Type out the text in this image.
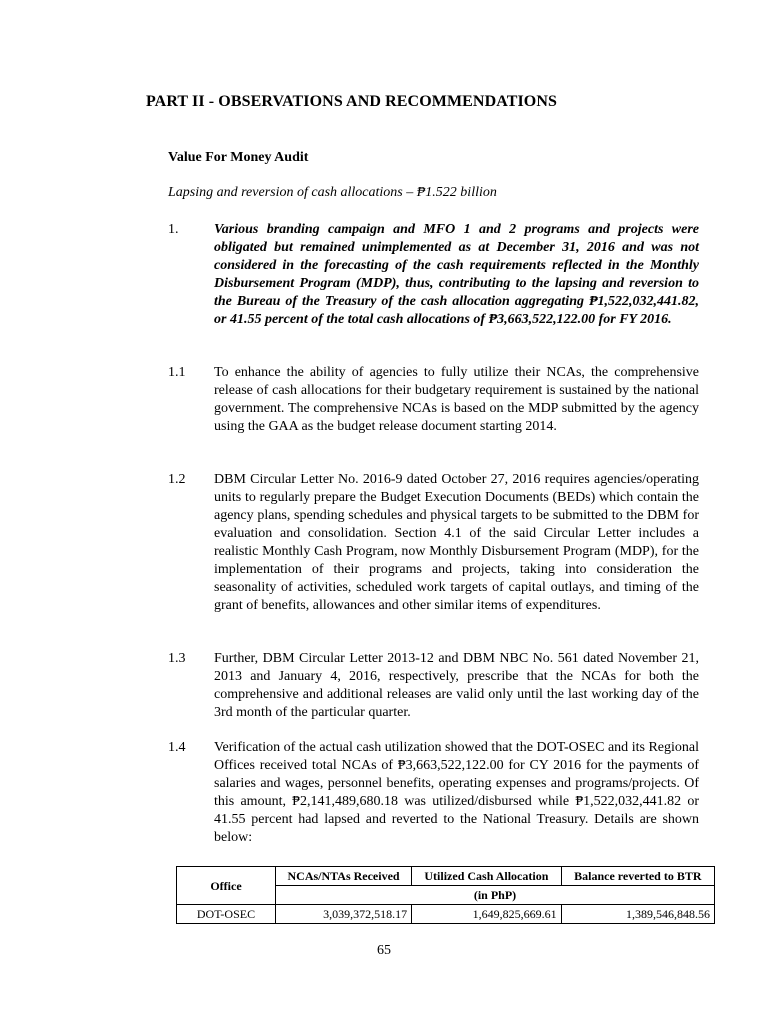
PART II - OBSERVATIONS AND RECOMMENDATIONS
Value For Money Audit
Lapsing and reversion of cash allocations – ₱1.522 billion
1.	Various branding campaign and MFO 1 and 2 programs and projects were obligated but remained unimplemented as at December 31, 2016 and was not considered in the forecasting of the cash requirements reflected in the Monthly Disbursement Program (MDP), thus, contributing to the lapsing and reversion to the Bureau of the Treasury of the cash allocation aggregating ₱1,522,032,441.82, or 41.55 percent of the total cash allocations of ₱3,663,522,122.00 for FY 2016.
1.1 To enhance the ability of agencies to fully utilize their NCAs, the comprehensive release of cash allocations for their budgetary requirement is sustained by the national government. The comprehensive NCAs is based on the MDP submitted by the agency using the GAA as the budget release document starting 2014.
1.2 DBM Circular Letter No. 2016-9 dated October 27, 2016 requires agencies/operating units to regularly prepare the Budget Execution Documents (BEDs) which contain the agency plans, spending schedules and physical targets to be submitted to the DBM for evaluation and consolidation. Section 4.1 of the said Circular Letter includes a realistic Monthly Cash Program, now Monthly Disbursement Program (MDP), for the implementation of their programs and projects, taking into consideration the seasonality of activities, scheduled work targets of capital outlays, and timing of the grant of benefits, allowances and other similar items of expenditures.
1.3 Further, DBM Circular Letter 2013-12 and DBM NBC No. 561 dated November 21, 2013 and January 4, 2016, respectively, prescribe that the NCAs for both the comprehensive and additional releases are valid only until the last working day of the 3rd month of the particular quarter.
1.4 Verification of the actual cash utilization showed that the DOT-OSEC and its Regional Offices received total NCAs of ₱3,663,522,122.00 for CY 2016 for the payments of salaries and wages, personnel benefits, operating expenses and programs/projects. Of this amount, ₱2,141,489,680.18 was utilized/disbursed while ₱1,522,032,441.82 or 41.55 percent had lapsed and reverted to the National Treasury. Details are shown below:
Office	NCAs/NTAs Received	Utilized Cash Allocation	Balance reverted to BTR
	(in PhP)		
DOT-OSEC	3,039,372,518.17	1,649,825,669.61	1,389,546,848.56
65
